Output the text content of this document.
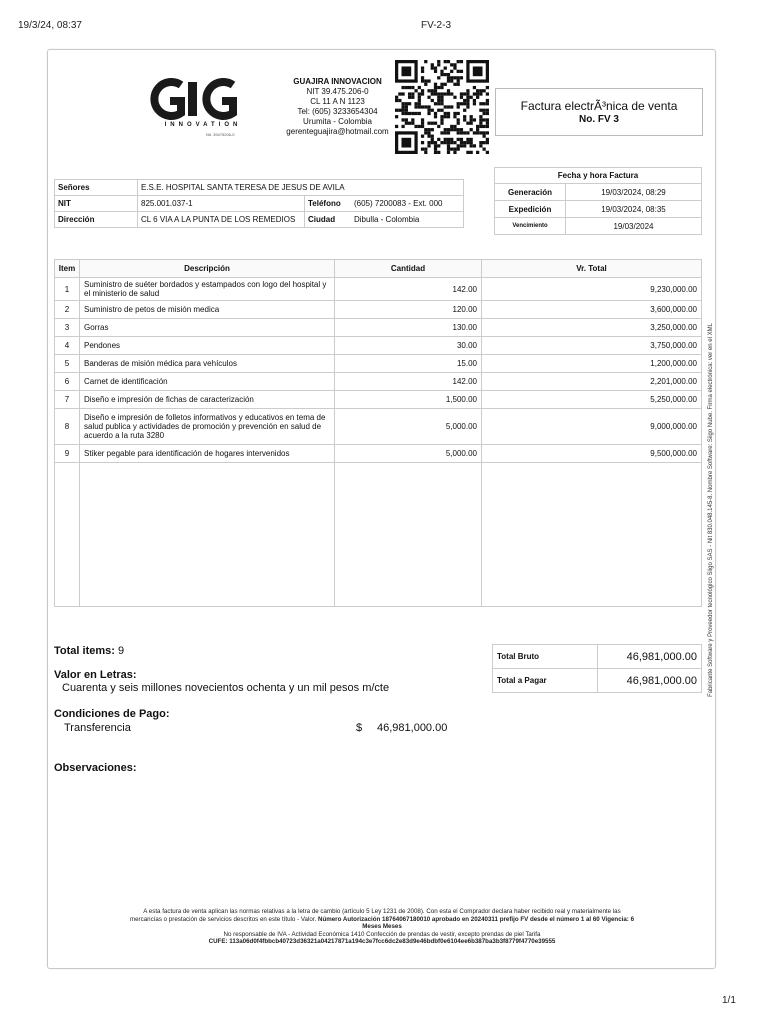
19/3/24, 08:37	FV-2-3
1/1
INNOVATION
Nit. 39475206-0
GUAJIRA INNOVACION
NIT 39.475.206-0
CL 11 A N 1123
Tel: (605) 3233654304
Urumita - Colombia
gerenteguajira@hotmail.com
Factura electrÃ³nica de venta
No. FV 3
Señores	E.S.E. HOSPITAL SANTA TERESA DE JESUS DE AVILA		
NIT	825.001.037-1	Teléfono	(605) 7200083 - Ext. 000
Dirección	CL 6 VIA A LA PUNTA DE LOS REMEDIOS	Ciudad	Dibulla - Colombia
Fecha y hora Factura	
Generación	19/03/2024, 08:29
Expedición	19/03/2024, 08:35
Vencimiento	19/03/2024
Item	Descripción	Cantidad	Vr. Total
1	Suministro de suéter bordados y estampados con logo del hospital y el ministerio de salud	142.00	9,230,000.00
2	Suministro de petos de misión medica	120.00	3,600,000.00
3	Gorras	130.00	3,250,000.00
4	Pendones	30.00	3,750,000.00
5	Banderas de misión médica para vehículos	15.00	1,200,000.00
6	Carnet de identificación	142.00	2,201,000.00
7	Diseño e impresión de fichas de caracterización	1,500.00	5,250,000.00
8	Diseño e impresión de folletos informativos y educativos en tema de salud publica y actividades de promoción y prevención en salud de acuerdo a la ruta 3280	5,000.00	9,000,000.00
9	Stiker pegable para identificación de hogares intervenidos	5,000.00	9,500,000.00

Total items: 9
Valor en Letras:
Cuarenta y seis millones novecientos ochenta y un mil pesos m/cte
Condiciones de Pago:
Transferencia	$ 46,981,000.00
Observaciones:
Total Bruto	46,981,000.00
Total a Pagar	46,981,000.00
A esta factura de venta aplican las normas relativas a la letra de cambio (artículo 5 Ley 1231 de 2008). Con esta el Comprador declara haber recibido real y materialmente las
mercancías o prestación de servicios descritos en este título - Valor. Número Autorización 18764067180010 aprobado en 20240311 prefijo FV desde el número 1 al 60 Vigencia: 6
Meses Meses
No responsable de IVA - Actividad Económica 1410 Confección de prendas de vestir, excepto prendas de piel Tarifa
CUFE: 113a06d0f4fbbcb40723d36321a04217871a194c3e7fcc6dc2e83d9e46bdbf0e6104ee6b387ba3b3f8779f4770e39555
Fabricante Software y Proveedor tecnológico Siigo SAS - Nit 830.048.145-8. Nombre Software: Siigo Nube. Firma electrónica: ver en el XML
